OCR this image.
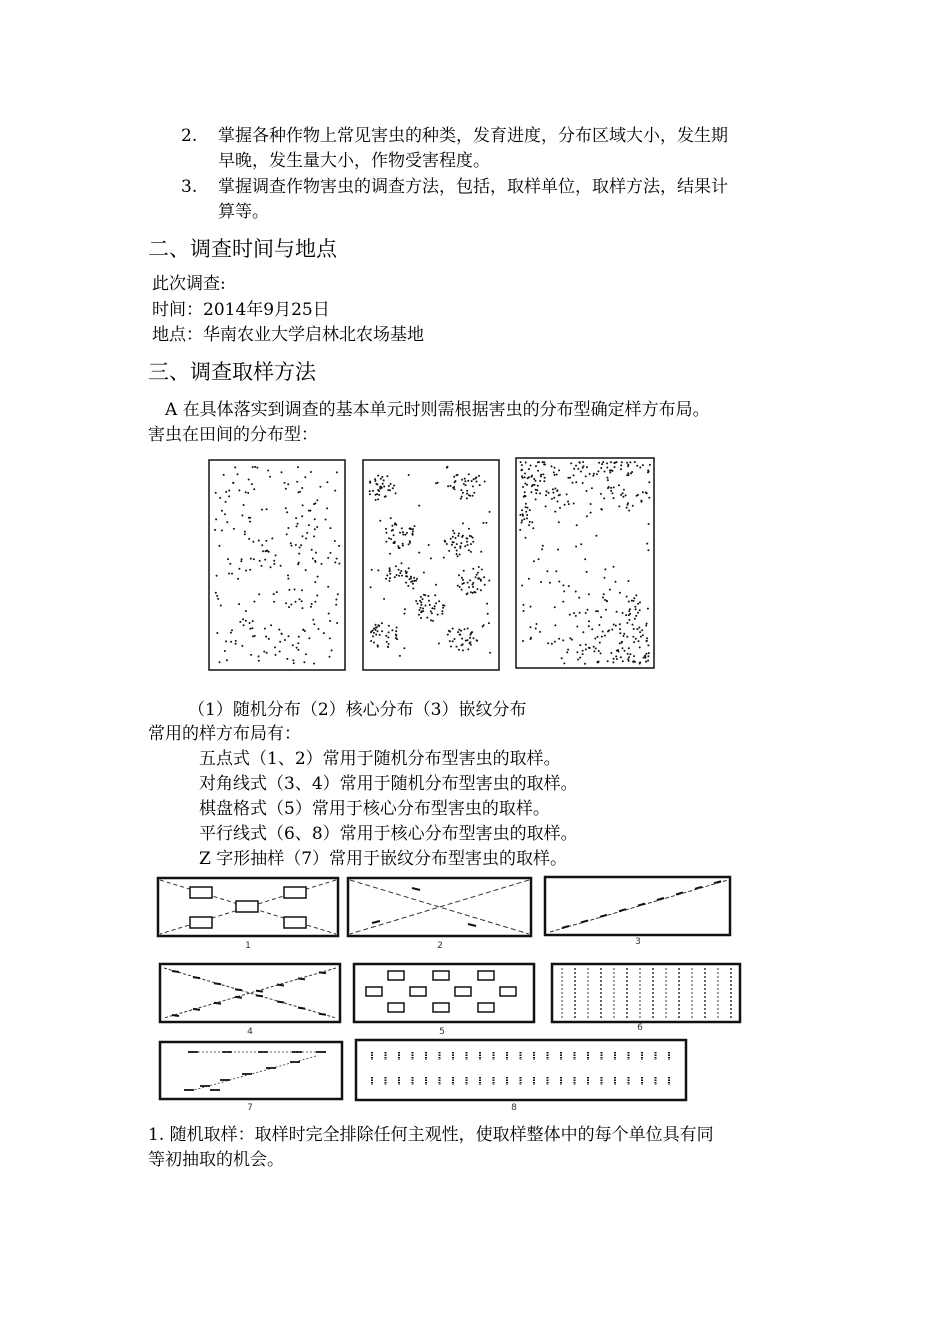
2. 掌握各种作物上常见害虫的种类，发育进度，分布区域大小，发生期
早晚，发生量大小，作物受害程度。
3. 掌握调查作物害虫的调查方法，包括，取样单位，取样方法，结果计
算等。
二、调查时间与地点
此次调查:
时间：2014年9月25日
地点：华南农业大学启林北农场基地
三、调查取样方法
A 在具体落实到调查的基本单元时则需根据害虫的分布型确定样方布局。
害虫在田间的分布型：
（1）随机分布（2）核心分布（3）嵌纹分布
常用的样方布局有：
五点式（1、2）常用于随机分布型害虫的取样。
对角线式（3、4）常用于随机分布型害虫的取样。
棋盘格式（5）常用于核心分布型害虫的取样。
平行线式（6、8）常用于核心分布型害虫的取样。
Z 字形抽样（7）常用于嵌纹分布型害虫的取样。
1	2	3
4	5	6
7	8
1. 随机取样：取样时完全排除任何主观性，使取样整体中的每个单位具有同
等初抽取的机会。
